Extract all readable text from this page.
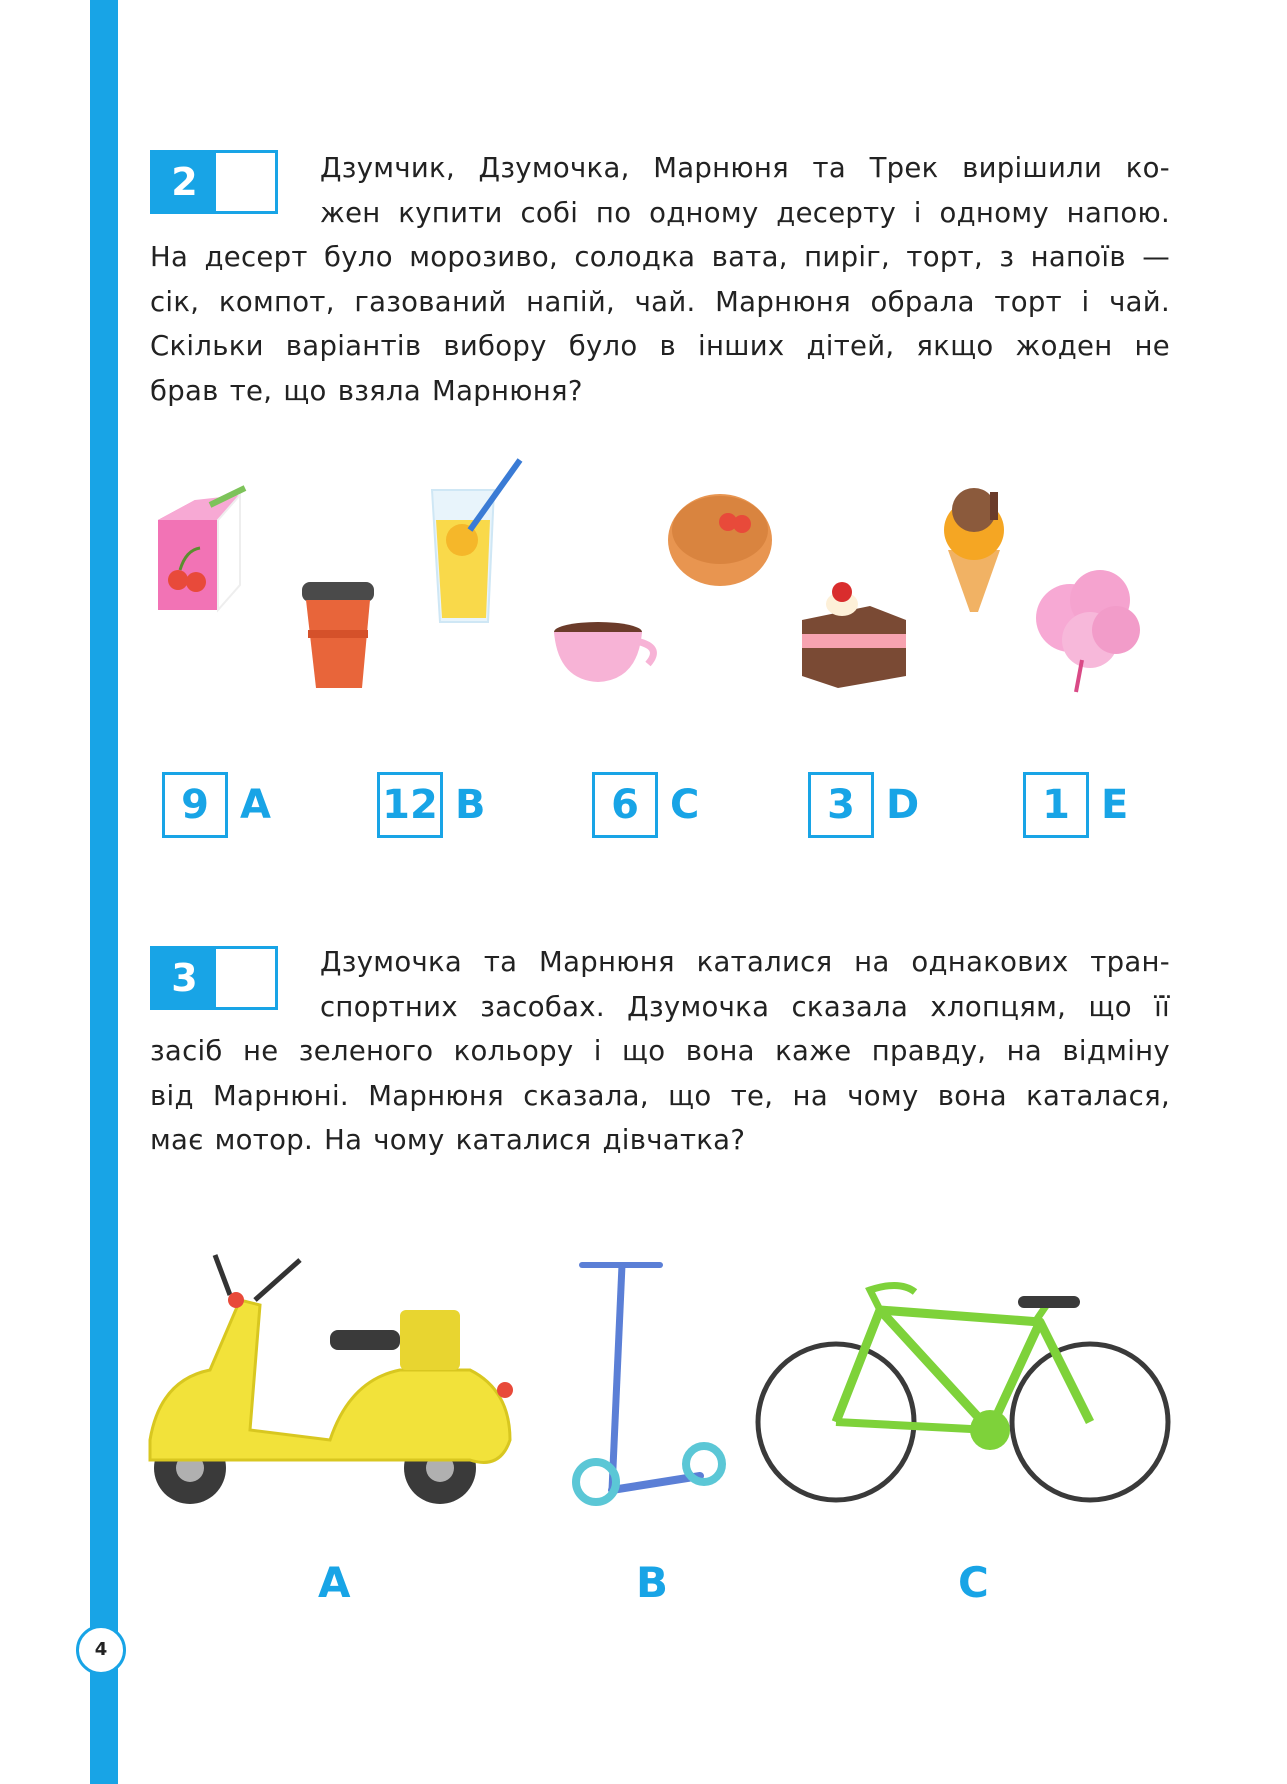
2	Дзумчик, Дзумочка, Марнюня та Трек вирішили ко-
жен купити собі по одному десерту і одному напою.
На десерт було морозиво, солодка вата, пиріг, торт, з напоїв —
сік, компот, газований напій, чай. Марнюня обрала торт і чай.
Скільки варіантів вибору було в інших дітей, якщо жоден не
брав те, що взяла Марнюня?
9 A	12 B	6 C	3 D	1 E
3	Дзумочка та Марнюня каталися на однакових тран-
спортних засобах. Дзумочка сказала хлопцям, що її
засіб не зеленого кольору і що вона каже правду, на відміну
від Марнюні. Марнюня сказала, що те, на чому вона каталася,
має мотор. На чому каталися дівчатка?
A	B	C
4
